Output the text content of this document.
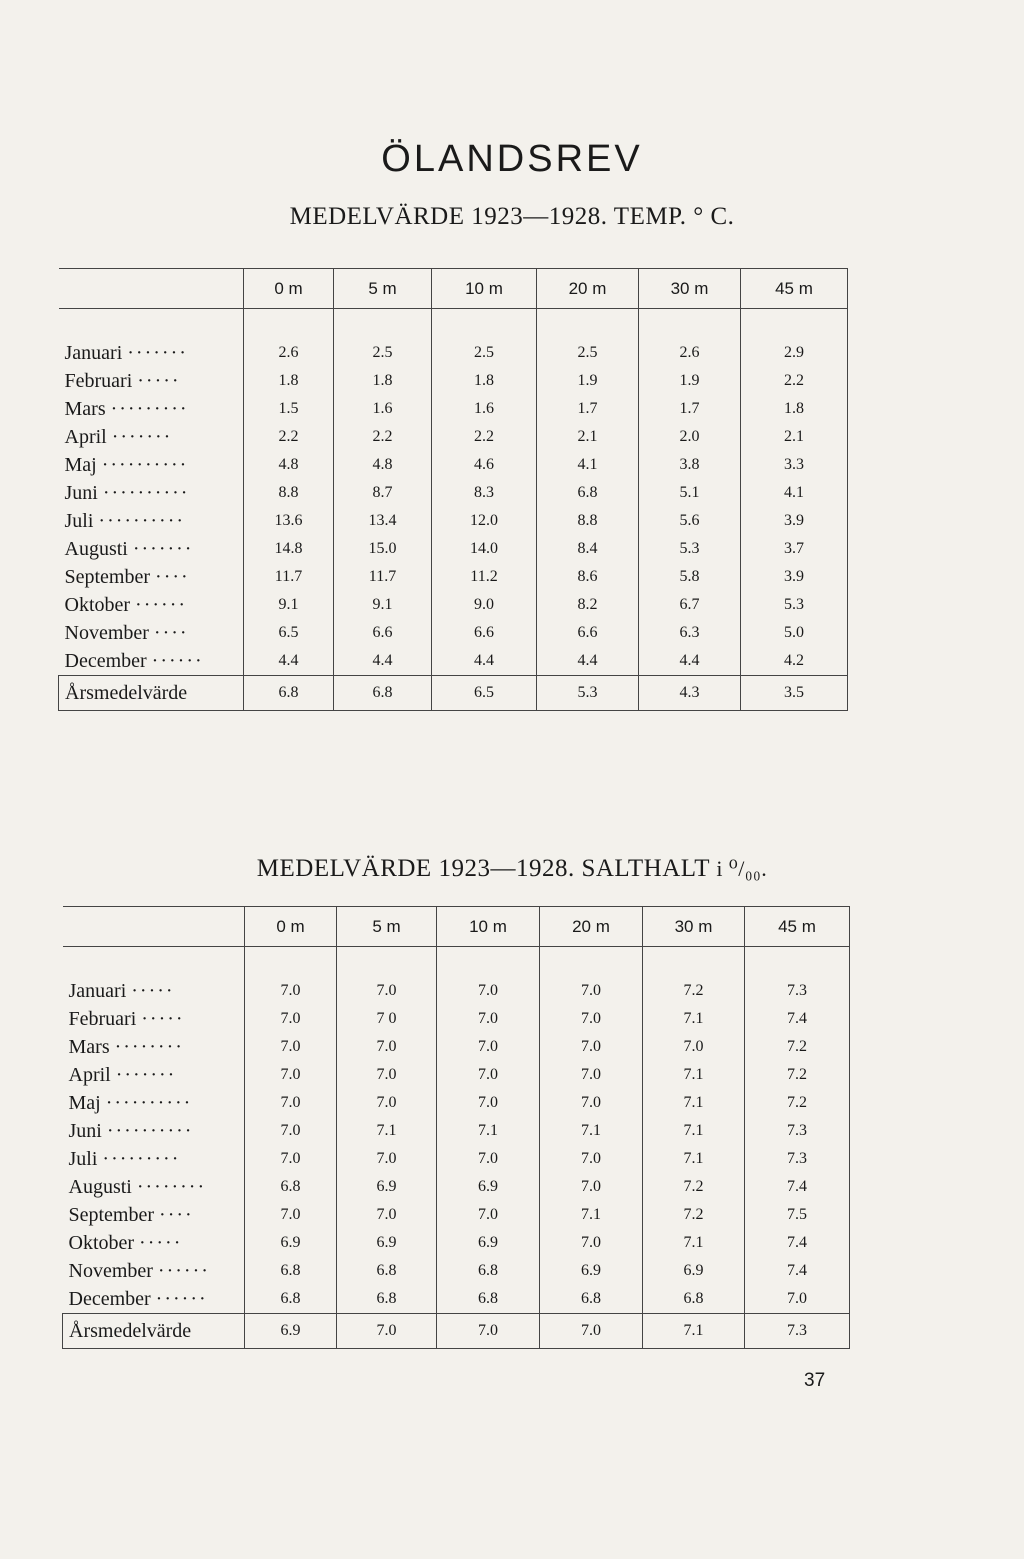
ÖLANDSREV
MEDELVÄRDE 1923—1928. TEMP. ° C.
	0 m	5 m	10 m	20 m	30 m	45 m

Januari ·······	2.6	2.5	2.5	2.5	2.6	2.9
Februari ·····	1.8	1.8	1.8	1.9	1.9	2.2
Mars ·········	1.5	1.6	1.6	1.7	1.7	1.8
April ·······	2.2	2.2	2.2	2.1	2.0	2.1
Maj ··········	4.8	4.8	4.6	4.1	3.8	3.3
Juni ··········	8.8	8.7	8.3	6.8	5.1	4.1
Juli ··········	13.6	13.4	12.0	8.8	5.6	3.9
Augusti ·······	14.8	15.0	14.0	8.4	5.3	3.7
September ····	11.7	11.7	11.2	8.6	5.8	3.9
Oktober ······	9.1	9.1	9.0	8.2	6.7	5.3
November ····	6.5	6.6	6.6	6.6	6.3	5.0
December ······	4.4	4.4	4.4	4.4	4.4	4.2
Årsmedelvärde	6.8	6.8	6.5	5.3	4.3	3.5
MEDELVÄRDE 1923—1928. SALTHALT i ⁰/₀₀.
	0 m	5 m	10 m	20 m	30 m	45 m

Januari ·····	7.0	7.0	7.0	7.0	7.2	7.3
Februari ·····	7.0	7 0	7.0	7.0	7.1	7.4
Mars ········	7.0	7.0	7.0	7.0	7.0	7.2
April ·······	7.0	7.0	7.0	7.0	7.1	7.2
Maj ··········	7.0	7.0	7.0	7.0	7.1	7.2
Juni ··········	7.0	7.1	7.1	7.1	7.1	7.3
Juli ·········	7.0	7.0	7.0	7.0	7.1	7.3
Augusti ········	6.8	6.9	6.9	7.0	7.2	7.4
September ····	7.0	7.0	7.0	7.1	7.2	7.5
Oktober ·····	6.9	6.9	6.9	7.0	7.1	7.4
November ······	6.8	6.8	6.8	6.9	6.9	7.4
December ······	6.8	6.8	6.8	6.8	6.8	7.0
Årsmedelvärde	6.9	7.0	7.0	7.0	7.1	7.3
37
